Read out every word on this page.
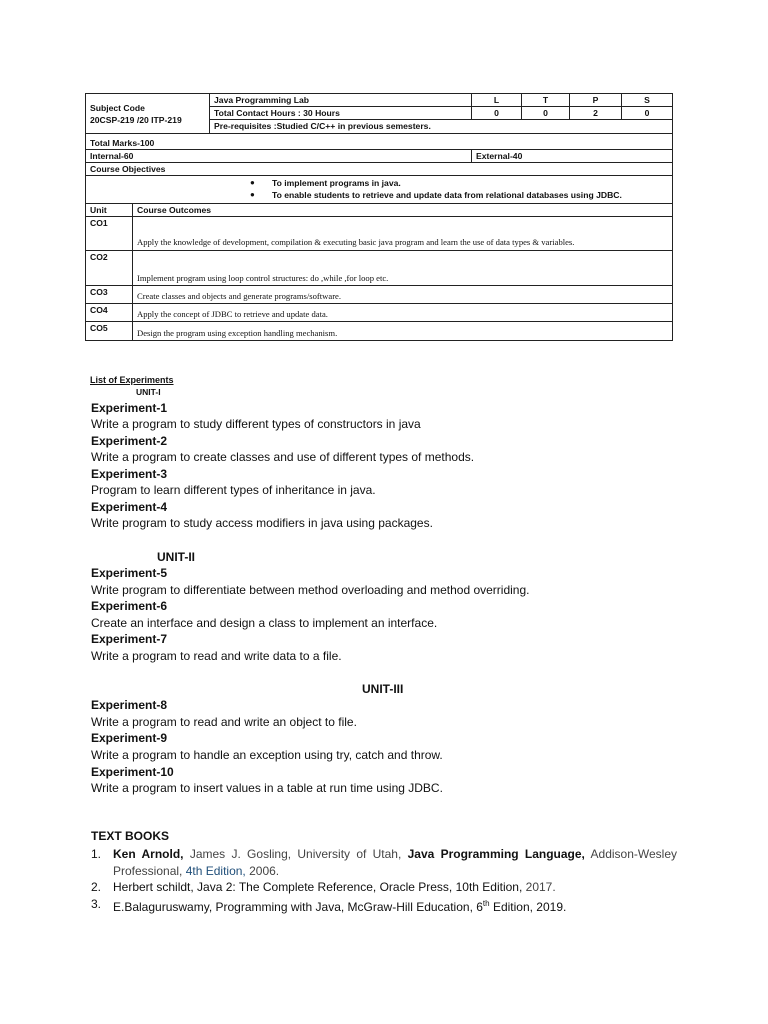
Subject Code
20CSP-219 /20 ITP-219		Java Programming Lab	L	T	P	S	
		Total Contact Hours : 30 Hours	0	0	2	0	
		Pre-requisites :Studied C/C++ in previous semesters.					
Total Marks-100							
Internal-60			External-40				
Course Objectives							

● To implement programs in java.
● To enable students to retrieve and update data from relational databases using JDBC.							

Unit	Course Outcomes						
CO1	Apply the knowledge of development, compilation & executing basic java program and learn the use of data types & variables.						
CO2	Implement program using loop control structures: do ,while ,for loop etc.						
CO3	Create classes and objects and generate programs/software.						
CO4	Apply the concept of JDBC to retrieve and update data.						
CO5	Design the program using exception handling mechanism.						
List of Experiments
UNIT-I
Experiment-1
Write a program to study different types of constructors in java
Experiment-2
Write a program to create classes and use of different types of methods.
Experiment-3
Program to learn different types of inheritance in java.
Experiment-4
Write program to study access modifiers in java using packages.
UNIT-II
Experiment-5
Write program to differentiate between method overloading and method overriding.
Experiment-6
Create an interface and design a class to implement an interface.
Experiment-7
Write a program to read and write data to a file.
UNIT-III
Experiment-8
Write a program to read and write an object to file.
Experiment-9
Write a program to handle an exception using try, catch and throw.
Experiment-10
Write a program to insert values in a table at run time using JDBC.
TEXT BOOKS
1. Ken Arnold, James J. Gosling, University of Utah, Java Programming Language, Addison-Wesley Professional, 4th Edition, 2006.
2. Herbert schildt, Java 2: The Complete Reference, Oracle Press, 10th Edition, 2017.
3. E.Balaguruswamy, Programming with Java, McGraw-Hill Education, 6th Edition, 2019.
